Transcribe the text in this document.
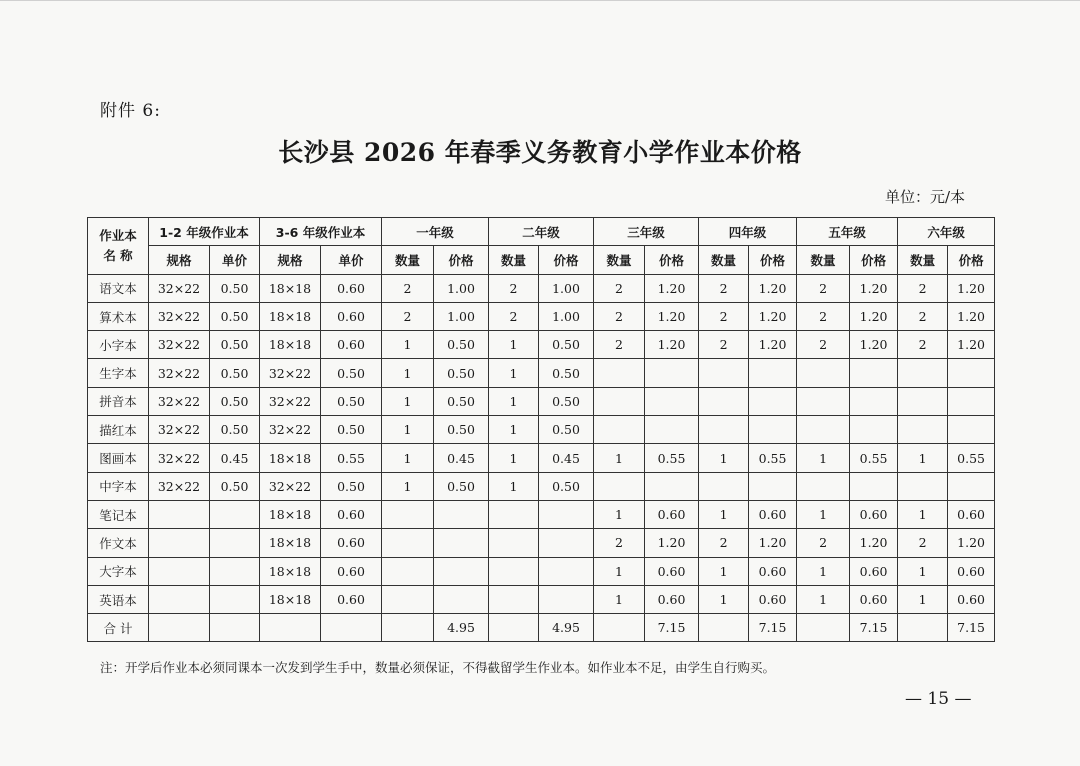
附件 6:
长沙县 2026 年春季义务教育小学作业本价格
单位：元/本
作业本
名 称	1-2 年级作业本		3-6 年级作业本		一年级		二年级		三年级		四年级		五年级		六年级	
	规格	单价	规格	单价	数量	价格	数量	价格	数量	价格	数量	价格	数量	价格	数量	价格
语文本	32×22	0.50	18×18	0.60	2	1.00	2	1.00	2	1.20	2	1.20	2	1.20	2	1.20
算术本	32×22	0.50	18×18	0.60	2	1.00	2	1.00	2	1.20	2	1.20	2	1.20	2	1.20
小字本	32×22	0.50	18×18	0.60	1	0.50	1	0.50	2	1.20	2	1.20	2	1.20	2	1.20
生字本	32×22	0.50	32×22	0.50	1	0.50	1	0.50								
拼音本	32×22	0.50	32×22	0.50	1	0.50	1	0.50								
描红本	32×22	0.50	32×22	0.50	1	0.50	1	0.50								
图画本	32×22	0.45	18×18	0.55	1	0.45	1	0.45	1	0.55	1	0.55	1	0.55	1	0.55
中字本	32×22	0.50	32×22	0.50	1	0.50	1	0.50								
笔记本			18×18	0.60					1	0.60	1	0.60	1	0.60	1	0.60
作文本			18×18	0.60					2	1.20	2	1.20	2	1.20	2	1.20
大字本			18×18	0.60					1	0.60	1	0.60	1	0.60	1	0.60
英语本			18×18	0.60					1	0.60	1	0.60	1	0.60	1	0.60
合 计						4.95		4.95		7.15		7.15		7.15		7.15
注：开学后作业本必须同课本一次发到学生手中，数量必须保证，不得截留学生作业本。如作业本不足，由学生自行购买。
— 15 —
